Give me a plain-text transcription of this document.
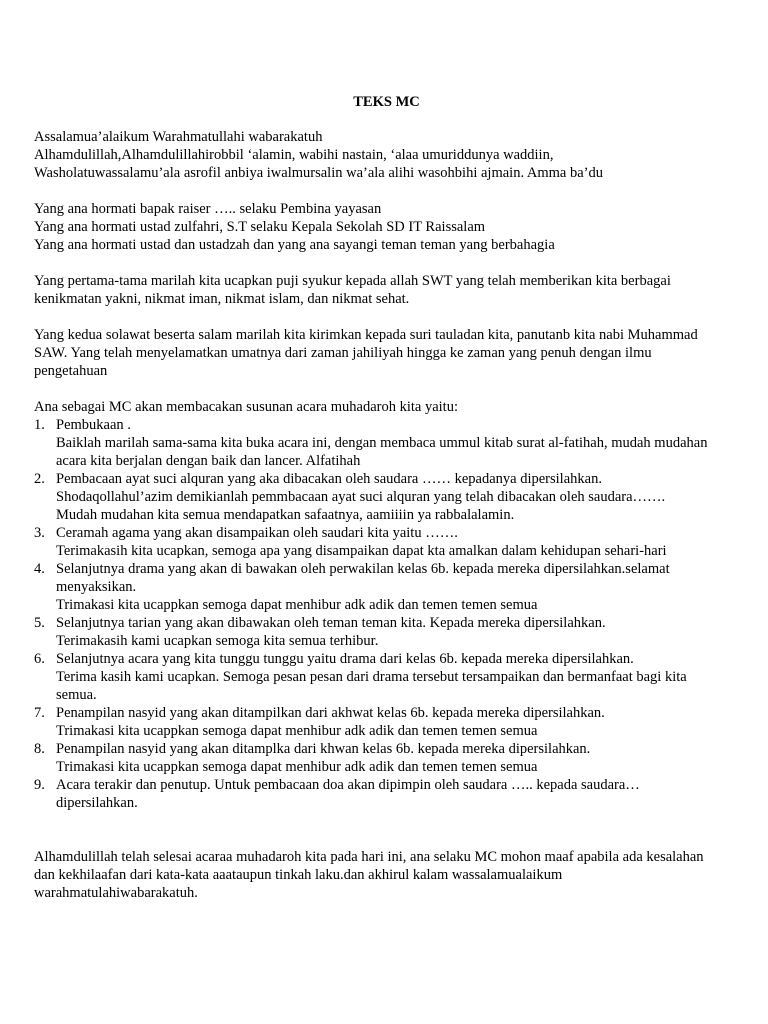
TEKS MC

Assalamua’alaikum Warahmatullahi wabarakatuh
Alhamdulillah,Alhamdulillahirobbil ‘alamin, wabihi nastain, ‘alaa umuriddunya waddiin,
Washolatuwassalamu’ala asrofil anbiya iwalmursalin wa’ala alihi wasohbihi ajmain. Amma ba’du

Yang ana hormati bapak raiser ….. selaku Pembina yayasan
Yang ana hormati ustad zulfahri, S.T selaku Kepala Sekolah SD IT Raissalam
Yang ana hormati ustad dan ustadzah dan yang ana sayangi teman teman yang berbahagia

Yang pertama-tama marilah kita ucapkan puji syukur kepada allah SWT yang telah memberikan kita berbagai
kenikmatan yakni, nikmat iman, nikmat islam, dan nikmat sehat.

Yang kedua solawat beserta salam marilah kita kirimkan kepada suri tauladan kita, panutanb kita nabi Muhammad
SAW. Yang telah menyelamatkan umatnya dari zaman jahiliyah hingga ke zaman yang penuh dengan ilmu
pengetahuan

Ana sebagai MC akan membacakan susunan acara muhadaroh kita yaitu:

1. Pembukaan .
Baiklah marilah sama-sama kita buka acara ini, dengan membaca ummul kitab surat al-fatihah, mudah mudahan
acara kita berjalan dengan baik dan lancer. Alfatihah
2. Pembacaan ayat suci alquran yang aka dibacakan oleh saudara …… kepadanya dipersilahkan.
Shodaqollahul’azim demikianlah pemmbacaan ayat suci alquran yang telah dibacakan oleh saudara…….
Mudah mudahan kita semua mendapatkan safaatnya, aamiiiin ya rabbalalamin.
3. Ceramah agama yang akan disampaikan oleh saudari kita yaitu …….
Terimakasih kita ucapkan, semoga apa yang disampaikan dapat kta amalkan dalam kehidupan sehari-hari
4. Selanjutnya drama yang akan di bawakan oleh perwakilan kelas 6b. kepada mereka dipersilahkan.selamat
menyaksikan.
Trimakasi kita ucappkan semoga dapat menhibur adk adik dan temen temen semua
5. Selanjutnya tarian yang akan dibawakan oleh teman teman kita. Kepada mereka dipersilahkan.
Terimakasih kami ucapkan semoga kita semua terhibur.
6. Selanjutnya acara yang kita tunggu tunggu yaitu drama dari kelas 6b. kepada mereka dipersilahkan.
Terima kasih kami ucapkan. Semoga pesan pesan dari drama tersebut tersampaikan dan bermanfaat bagi kita
semua.
7. Penampilan nasyid yang akan ditampilkan dari akhwat kelas 6b. kepada mereka dipersilahkan.
Trimakasi kita ucappkan semoga dapat menhibur adk adik dan temen temen semua
8. Penampilan nasyid yang akan ditamplka dari khwan kelas 6b. kepada mereka dipersilahkan.
Trimakasi kita ucappkan semoga dapat menhibur adk adik dan temen temen semua
9. Acara terakir dan penutup. Untuk pembacaan doa akan dipimpin oleh saudara ….. kepada saudara…
dipersilahkan.

Alhamdulillah telah selesai acaraa muhadaroh kita pada hari ini, ana selaku MC mohon maaf apabila ada kesalahan
dan kekhilaafan dari kata-kata aaataupun tinkah laku.dan akhirul kalam wassalamualaikum
warahmatulahiwabarakatuh.
